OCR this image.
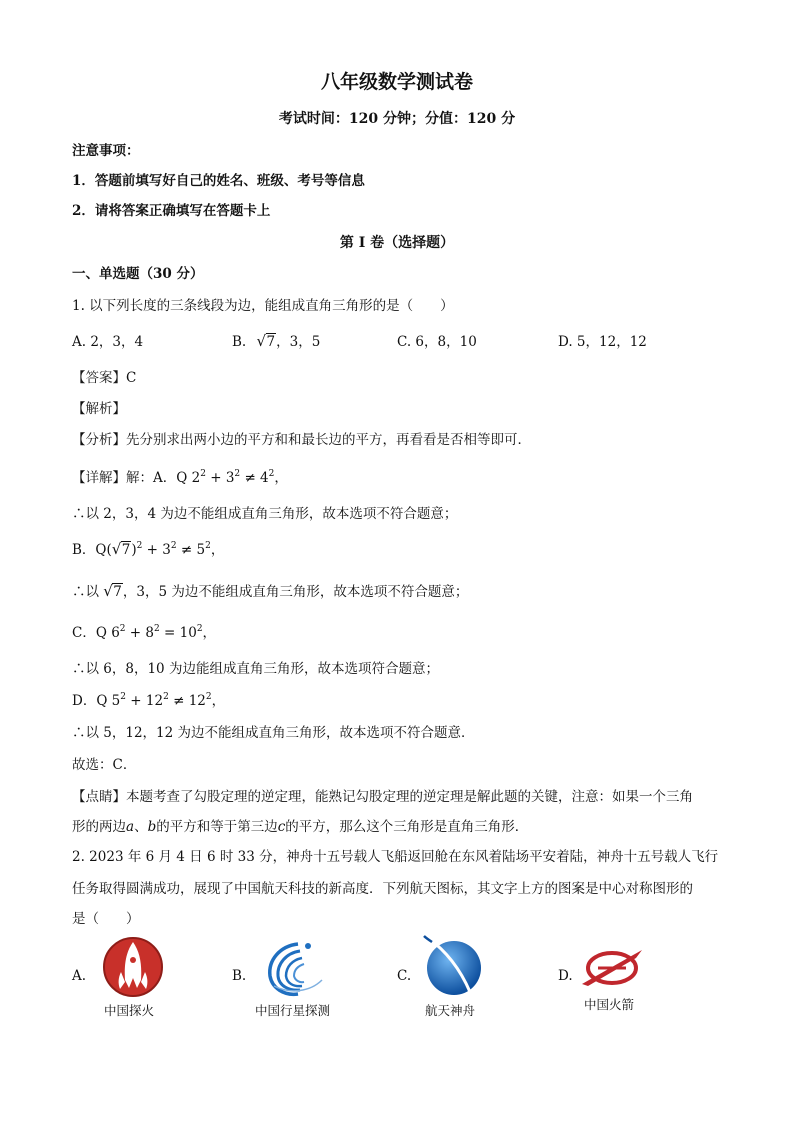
八年级数学测试卷
考试时间：120 分钟；分值：120 分
注意事项：
1．答题前填写好自己的姓名、班级、考号等信息
2．请将答案正确填写在答题卡上
第 I 卷（选择题）
一、单选题（30 分）
1. 以下列长度的三条线段为边，能组成直角三角形的是（　　）
A. 2，3，4	B. √ 7，3，5	C. 6，8，10	D. 5，12，12
【答案】C
【解析】
【分析】先分别求出两小边的平方和和最长边的平方，再看看是否相等即可．
【详解】解：A．Q $2^2 + 3^2 \ne 4^2$，
∴以 2，3，4 为边不能组成直角三角形，故本选项不符合题意；
B．Q( √ $7)^2 + 3^2 \ne 5^2$，
∴以 √ 7，3，5 为边不能组成直角三角形，故本选项不符合题意；
C．Q $6^2 + 8^2 = 10^2$，
∴以 6，8，10 为边能组成直角三角形，故本选项符合题意；
D．Q $5^2 + 12^2 \ne 12^2$，
∴以 5，12，12 为边不能组成直角三角形，故本选项不符合题意．
故选：C．
【点睛】本题考查了勾股定理的逆定理，能熟记勾股定理的逆定理是解此题的关键，注意：如果一个三角
形的两边a、b的平方和等于第三边c的平方，那么这个三角形是直角三角形．
2. 2023 年 6 月 4 日 6 时 33 分，神舟十五号载人飞船返回舱在东风着陆场平安着陆，神舟十五号载人飞行
任务取得圆满成功，展现了中国航天科技的新高度．下列航天图标，其文字上方的图案是中心对称图形的
是（　　）
A.
中国探火
B.
中国行星探测
C.
航天神舟
D.
中国火箭
